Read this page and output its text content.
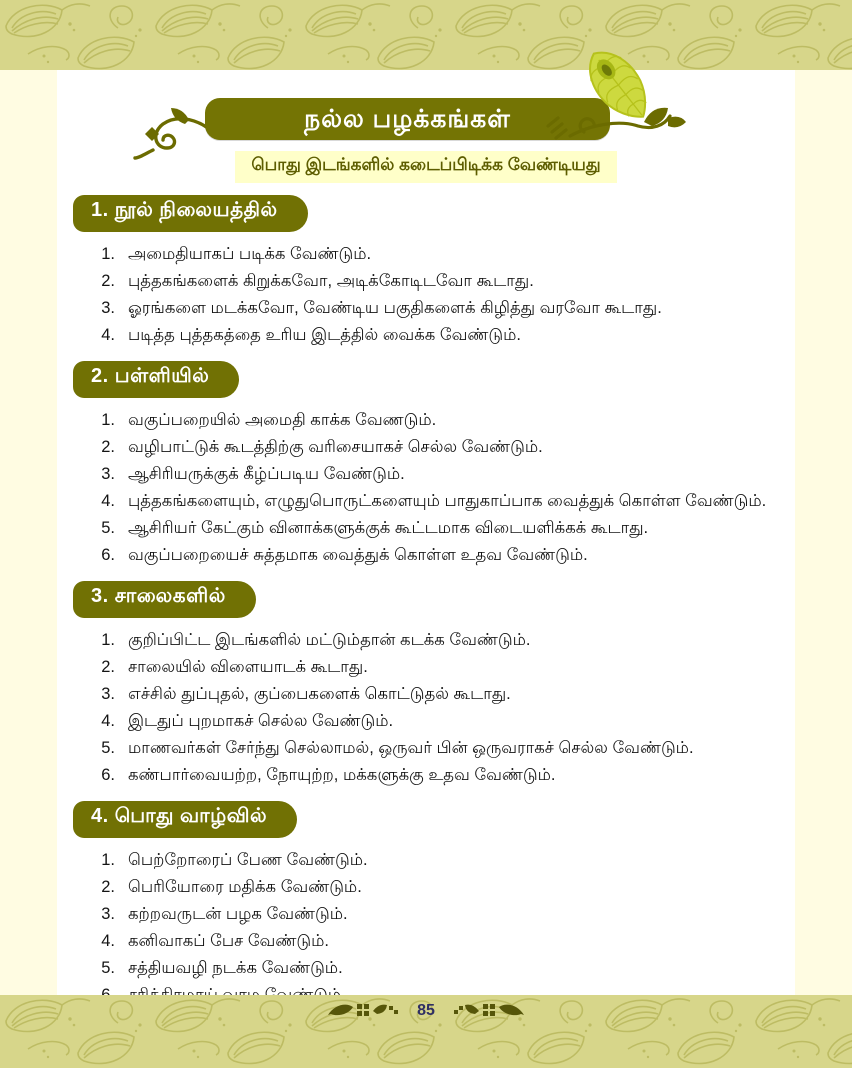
நல்ல பழக்கங்கள்
பொது இடங்களில் கடைப்பிடிக்க வேண்டியது
1. நூல் நிலையத்தில்
1. அமைதியாகப் படிக்க வேண்டும்.
2. புத்தகங்களைக் கிறுக்கவோ, அடிக்கோடிடவோ கூடாது.
3. ஓரங்களை மடக்கவோ, வேண்டிய பகுதிகளைக் கிழித்து வரவோ கூடாது.
4. படித்த புத்தகத்தை உரிய இடத்தில் வைக்க வேண்டும்.
2. பள்ளியில்
1. வகுப்பறையில் அமைதி காக்க வேணடும்.
2. வழிபாட்டுக் கூடத்திற்கு வரிசையாகச் செல்ல வேண்டும்.
3. ஆசிரியருக்குக் கீழ்ப்படிய வேண்டும்.
4. புத்தகங்களையும், எழுதுபொருட்களையும் பாதுகாப்பாக வைத்துக் கொள்ள வேண்டும்.
5. ஆசிரியர் கேட்கும் வினாக்களுக்குக் கூட்டமாக விடையளிக்கக் கூடாது.
6. வகுப்பறையைச் சுத்தமாக வைத்துக் கொள்ள உதவ வேண்டும்.
3. சாலைகளில்
1. குறிப்பிட்ட இடங்களில் மட்டும்தான் கடக்க வேண்டும்.
2. சாலையில் விளையாடக் கூடாது.
3. எச்சில் துப்புதல், குப்பைகளைக் கொட்டுதல் கூடாது.
4. இடதுப் புறமாகச் செல்ல வேண்டும்.
5. மாணவர்கள் சேர்ந்து செல்லாமல், ஒருவர் பின் ஒருவராகச் செல்ல வேண்டும்.
6. கண்பார்வையற்ற, நோயுற்ற, மக்களுக்கு உதவ வேண்டும்.
4. பொது வாழ்வில்
1. பெற்றோரைப் பேண வேண்டும்.
2. பெரியோரை மதிக்க வேண்டும்.
3. கற்றவருடன் பழக வேண்டும்.
4. கனிவாகப் பேச வேண்டும்.
5. சத்தியவழி நடக்க வேண்டும்.
85
